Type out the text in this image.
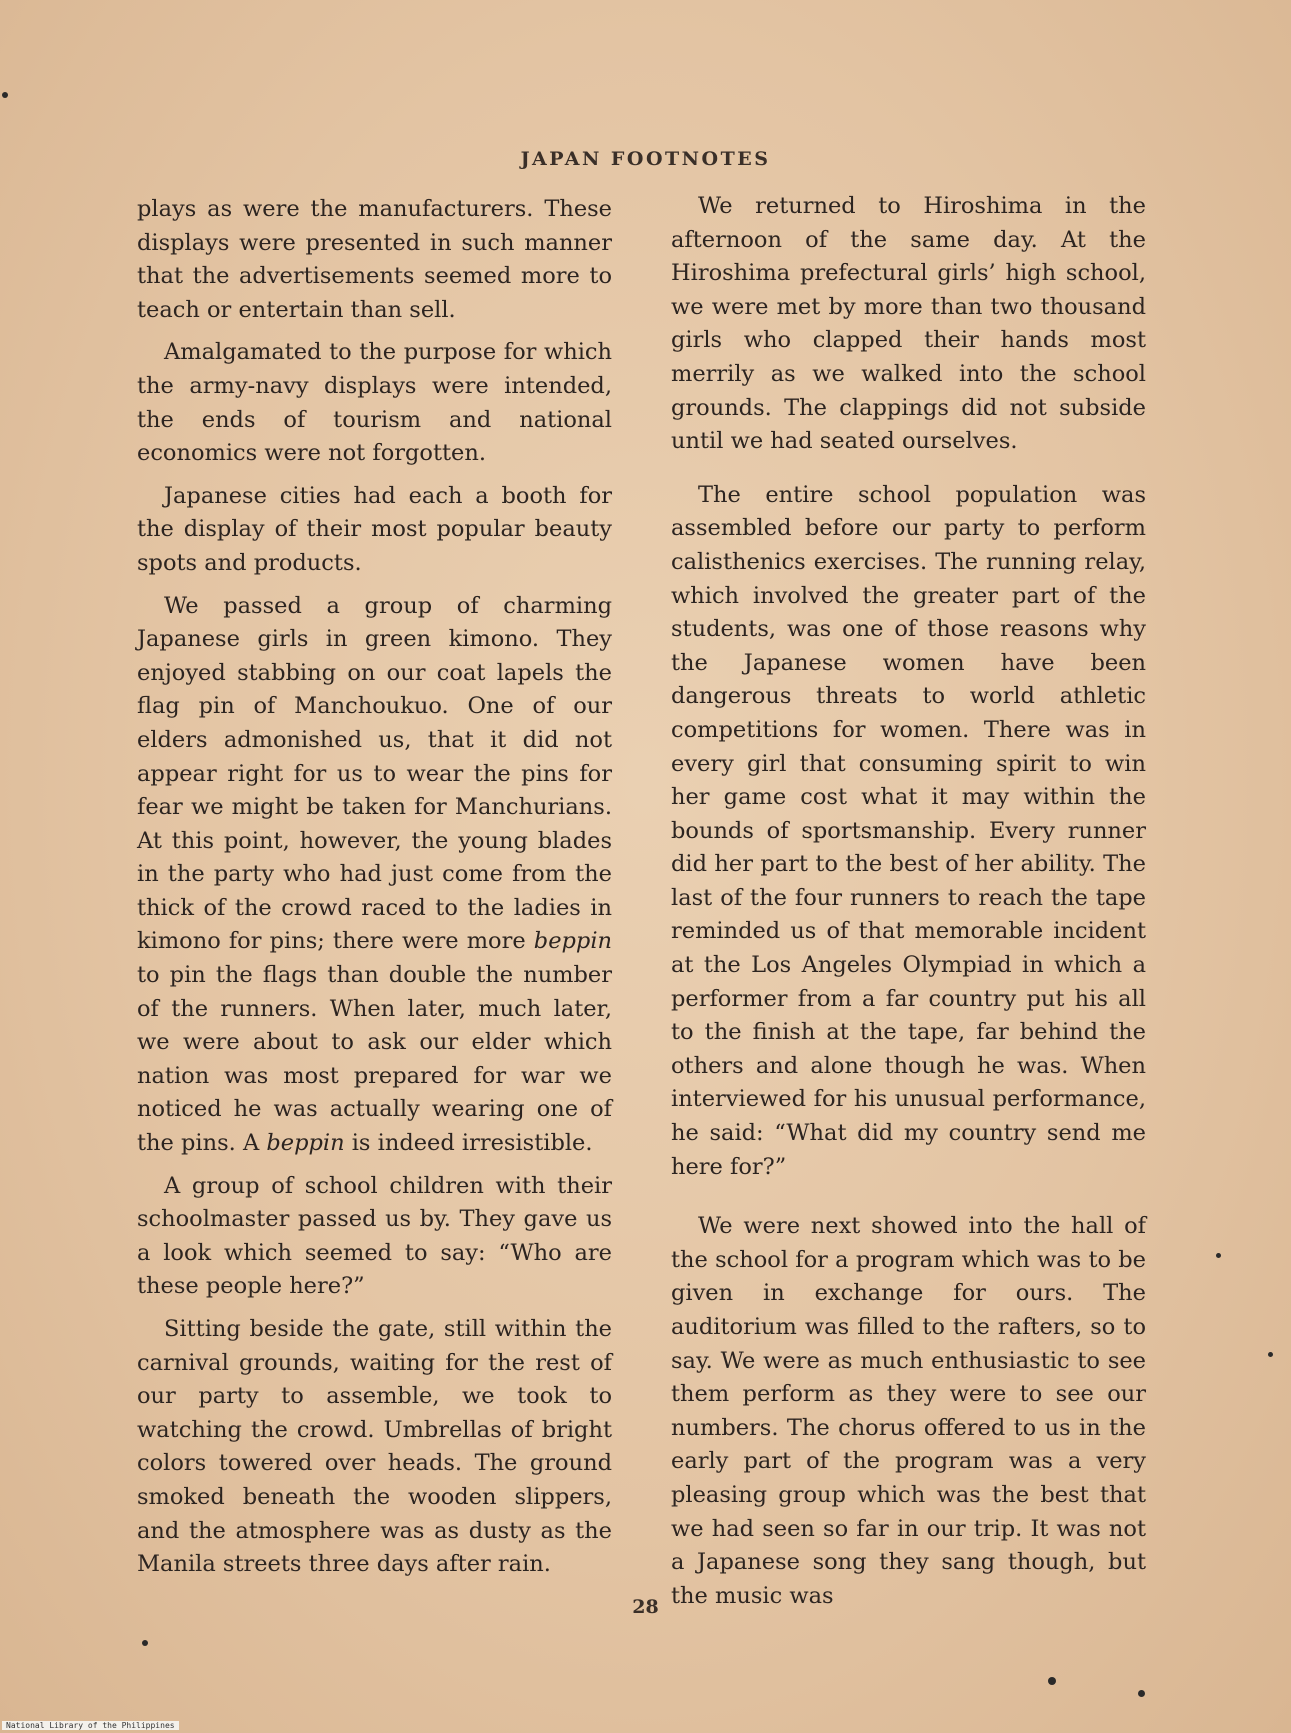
JAPAN FOOTNOTES

plays as were the manufacturers. These displays were presented in such manner that the advertisements seemed more to teach or entertain than sell.

Amalgamated to the purpose for which the army-navy displays were intended, the ends of tourism and national economics were not forgotten.

Japanese cities had each a booth for the display of their most popular beauty spots and products.

We passed a group of charming Japanese girls in green kimono. They enjoyed stabbing on our coat lapels the flag pin of Manchoukuo. One of our elders admonished us, that it did not appear right for us to wear the pins for fear we might be taken for Manchurians. At this point, however, the young blades in the party who had just come from the thick of the crowd raced to the ladies in kimono for pins; there were more beppin to pin the flags than double the number of the runners. When later, much later, we were about to ask our elder which nation was most prepared for war we noticed he was actually wearing one of the pins. A beppin is indeed irresistible.

A group of school children with their schoolmaster passed us by. They gave us a look which seemed to say: “Who are these people here?”

Sitting beside the gate, still within the carnival grounds, waiting for the rest of our party to assemble, we took to watching the crowd. Umbrellas of bright colors towered over heads. The ground smoked beneath the wooden slippers, and the atmosphere was as dusty as the Manila streets three days after rain.

We returned to Hiroshima in the afternoon of the same day. At the Hiroshima prefectural girls’ high school, we were met by more than two thousand girls who clapped their hands most merrily as we walked into the school grounds. The clappings did not subside until we had seated ourselves.

The entire school population was assembled before our party to perform calisthenics exercises. The running relay, which involved the greater part of the students, was one of those reasons why the Japanese women have been dangerous threats to world athletic competitions for women. There was in every girl that consuming spirit to win her game cost what it may within the bounds of sportsmanship. Every runner did her part to the best of her ability. The last of the four runners to reach the tape reminded us of that memorable incident at the Los Angeles Olympiad in which a performer from a far country put his all to the finish at the tape, far behind the others and alone though he was. When interviewed for his unusual performance, he said: “What did my country send me here for?”

We were next showed into the hall of the school for a program which was to be given in exchange for ours. The auditorium was filled to the rafters, so to say. We were as much enthusiastic to see them perform as they were to see our numbers. The chorus offered to us in the early part of the program was a very pleasing group which was the best that we had seen so far in our trip. It was not a Japanese song they sang though, but the music was

28
National Library of the Philippines
